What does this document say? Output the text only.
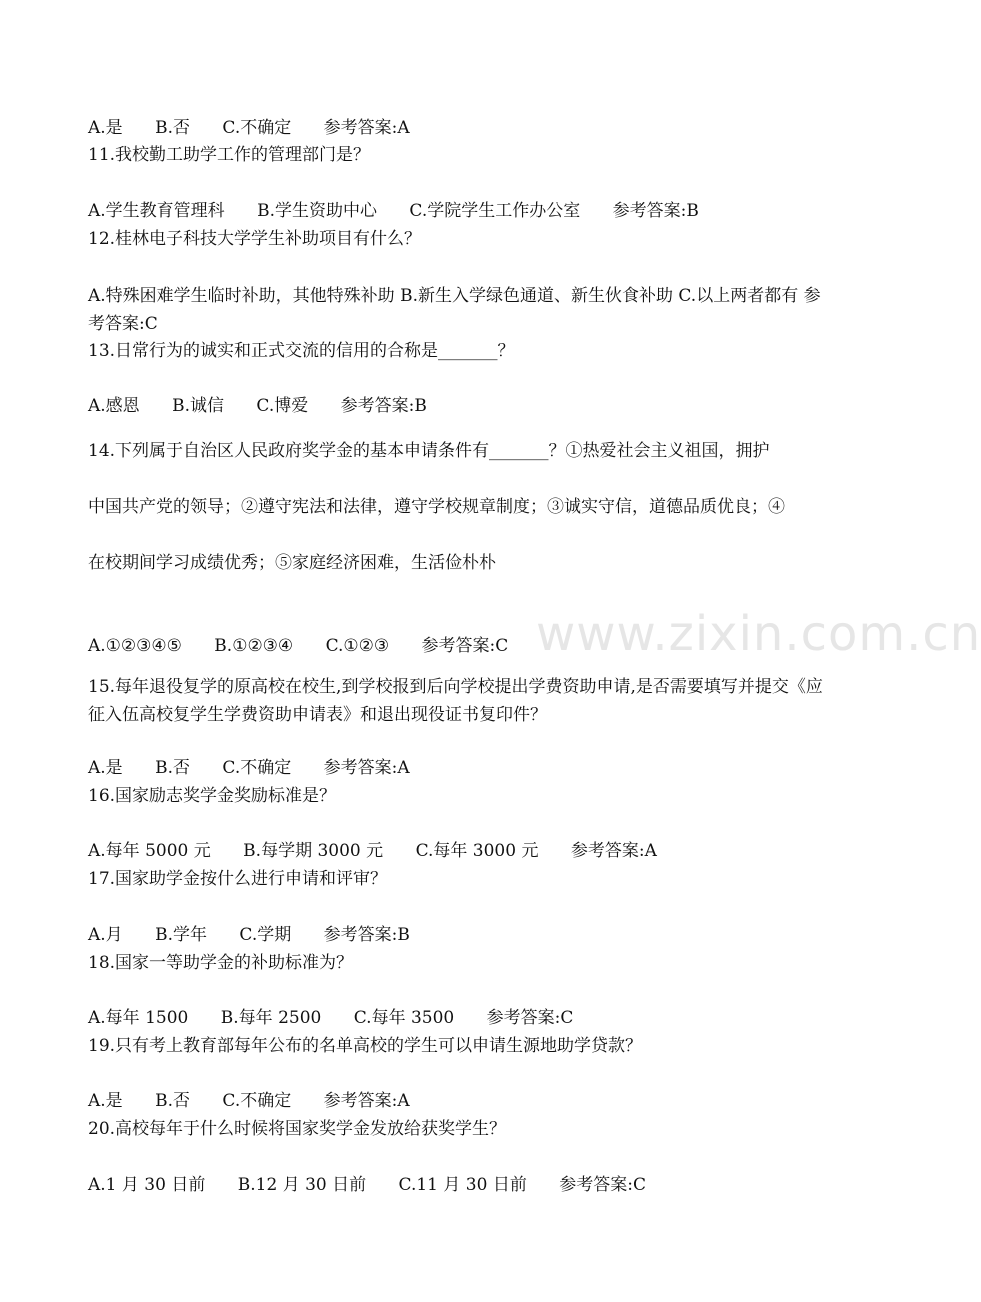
www.zixin.com.cn
A.是      B.否      C.不确定      参考答案:A
11.我校勤工助学工作的管理部门是？
A.学生教育管理科      B.学生资助中心      C.学院学生工作办公室      参考答案:B
12.桂林电子科技大学学生补助项目有什么？
A.特殊困难学生临时补助，其他特殊补助 B.新生入学绿色通道、新生伙食补助 C.以上两者都有 参考答案:C
13.日常行为的诚实和正式交流的信用的合称是_______？
A.感恩      B.诚信      C.博爱      参考答案:B
14.下列属于自治区人民政府奖学金的基本申请条件有_______？①热爱社会主义祖国，拥护
中国共产党的领导；②遵守宪法和法律，遵守学校规章制度；③诚实守信，道德品质优良；④
在校期间学习成绩优秀；⑤家庭经济困难，生活俭朴朴
A.①②③④⑤      B.①②③④      C.①②③      参考答案:C
15.每年退役复学的原高校在校生,到学校报到后向学校提出学费资助申请,是否需要填写并提交《应征入伍高校复学生学费资助申请表》和退出现役证书复印件？
A.是      B.否      C.不确定      参考答案:A
16.国家励志奖学金奖励标准是？
A.每年 5000 元      B.每学期 3000 元      C.每年 3000 元      参考答案:A
17.国家助学金按什么进行申请和评审？
A.月      B.学年      C.学期      参考答案:B
18.国家一等助学金的补助标准为？
A.每年 1500      B.每年 2500      C.每年 3500      参考答案:C
19.只有考上教育部每年公布的名单高校的学生可以申请生源地助学贷款？
A.是      B.否      C.不确定      参考答案:A
20.高校每年于什么时候将国家奖学金发放给获奖学生？
A.1 月 30 日前      B.12 月 30 日前      C.11 月 30 日前      参考答案:C
